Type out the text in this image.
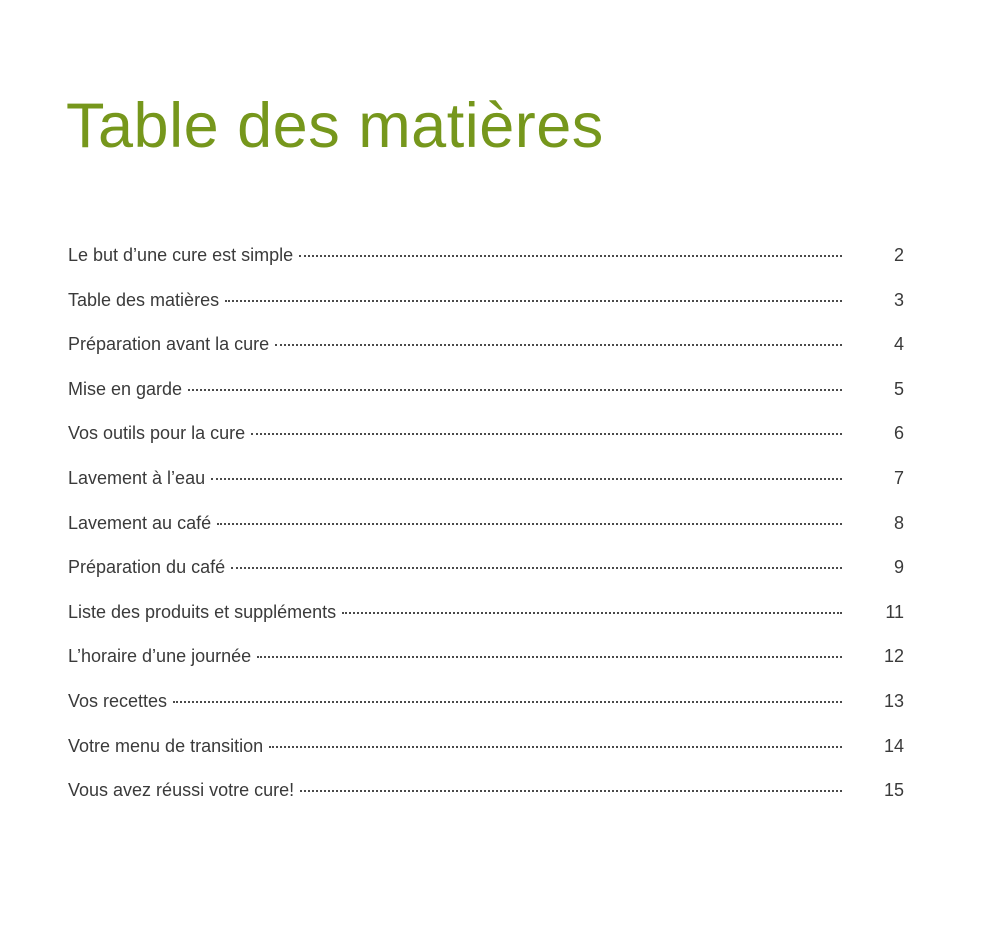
Table des matières
Le but d’une cure est simple	2
Table des matières	3
Préparation avant la cure	4
Mise en garde	5
Vos outils pour la cure	6
Lavement à l’eau	7
Lavement au café	8
Préparation du café	9
Liste des produits et suppléments	11
L’horaire d’une journée	12
Vos recettes	13
Votre menu de transition	14
Vous avez réussi votre cure!	15
